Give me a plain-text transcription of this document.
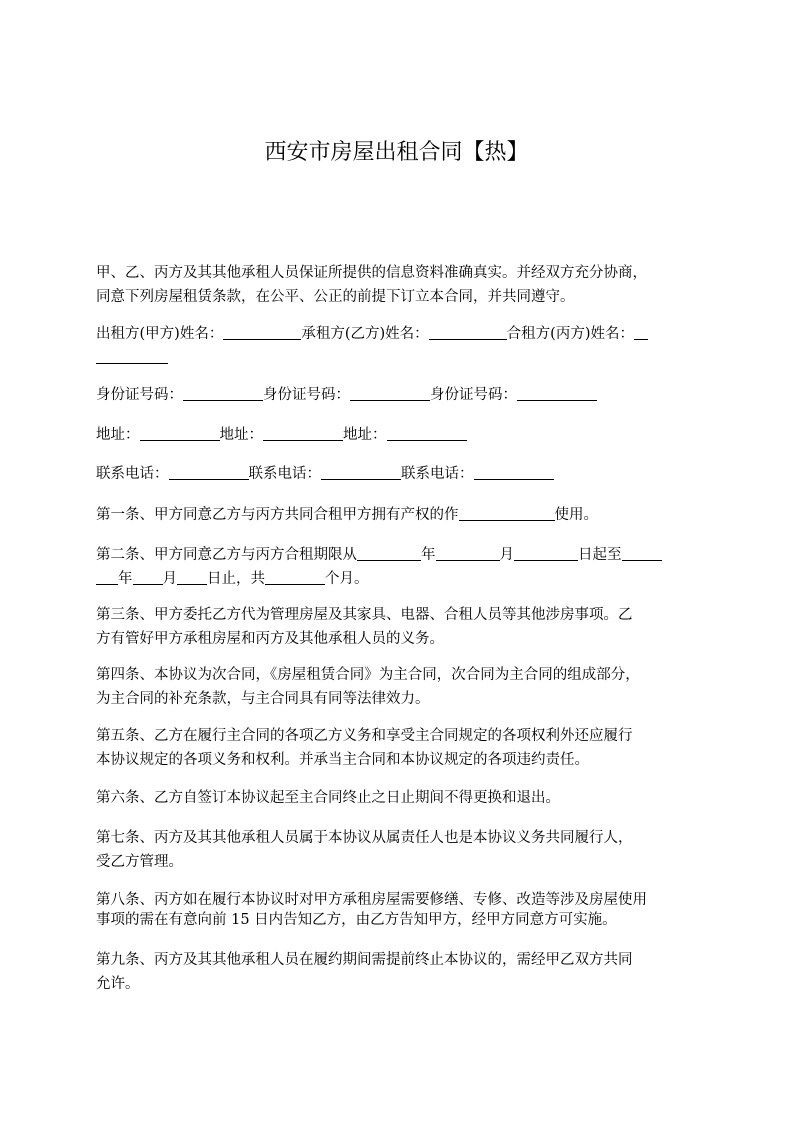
西安市房屋出租合同【热】
甲、乙、丙方及其其他承租人员保证所提供的信息资料准确真实。并经双方充分协商，
同意下列房屋租赁条款，在公平、公正的前提下订立本合同，并共同遵守。
出租方(甲方)姓名：	承租方(乙方)姓名：	合租方(丙方)姓名：
身份证号码：	身份证号码：	身份证号码：
地址：	地址：	地址：
联系电话：	联系电话：	联系电话：
第一条、甲方同意乙方与丙方共同合租甲方拥有产权的作	使用。
第二条、甲方同意乙方与丙方合租期限从	年	月	日起至
年 月 日止，共	个月。
第三条、甲方委托乙方代为管理房屋及其家具、电器、合租人员等其他涉房事项。乙
方有管好甲方承租房屋和丙方及其他承租人员的义务。
第四条、本协议为次合同，《房屋租赁合同》为主合同，次合同为主合同的组成部分，
为主合同的补充条款，与主合同具有同等法律效力。
第五条、乙方在履行主合同的各项乙方义务和享受主合同规定的各项权利外还应履行
本协议规定的各项义务和权利。并承当主合同和本协议规定的各项违约责任。
第六条、乙方自签订本协议起至主合同终止之日止期间不得更换和退出。
第七条、丙方及其其他承租人员属于本协议从属责任人也是本协议义务共同履行人，
受乙方管理。
第八条、丙方如在履行本协议时对甲方承租房屋需要修缮、专修、改造等涉及房屋使用
事项的需在有意向前 15 日内告知乙方，由乙方告知甲方，经甲方同意方可实施。
第九条、丙方及其其他承租人员在履约期间需提前终止本协议的，需经甲乙双方共同
允许。
